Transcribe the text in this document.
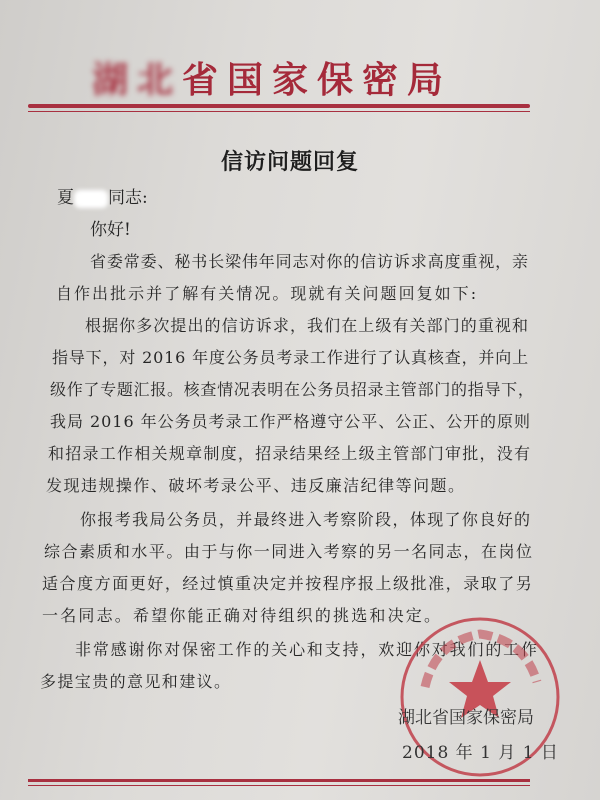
湖北省国家保密局
信访问题回复
夏 同志:
你好!
省委常委、秘书长梁伟年同志对你的信访诉求高度重视，亲
自作出批示并了解有关情况。现就有关问题回复如下:
根据你多次提出的信访诉求，我们在上级有关部门的重视和
指导下，对 2016 年度公务员考录工作进行了认真核查，并向上
级作了专题汇报。核查情况表明在公务员招录主管部门的指导下，
我局 2016 年公务员考录工作严格遵守公平、公正、公开的原则
和招录工作相关规章制度，招录结果经上级主管部门审批，没有
发现违规操作、破坏考录公平、违反廉洁纪律等问题。
你报考我局公务员，并最终进入考察阶段，体现了你良好的
综合素质和水平。由于与你一同进入考察的另一名同志，在岗位
适合度方面更好，经过慎重决定并按程序报上级批准，录取了另
一名同志。希望你能正确对待组织的挑选和决定。
非常感谢你对保密工作的关心和支持，欢迎你对我们的工作
多提宝贵的意见和建议。
湖北省国家保密局
2018 年 1 月 1 日
